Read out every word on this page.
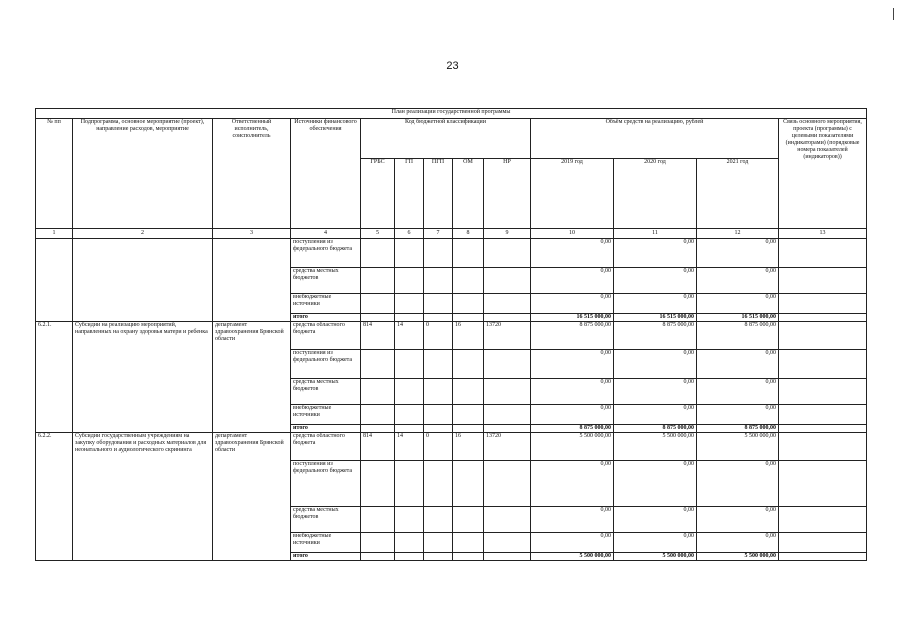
23
План реализации государственной программы												
№ пп	Подпрограмма, основное мероприятие (проект), направление расходов, мероприятие	Ответственный исполнитель, соисполнитель	Источники финансового обеспечения	Код бюджетной классификации					Объём средств на реализацию, рублей			Связь основного мероприятия, проекта (программы) с целевыми показателями (индикаторами) (порядковые номера показателей (индикаторов))
				ГРБС	ГП	ПГП	ОМ	НР	2019 год	2020 год	2021 год	
1	2	3	4	5	6	7	8	9	10	11	12	13
			поступления из федерального бюджета						0,00	0,00	0,00	
			средства местных бюджетов						0,00	0,00	0,00	
			внебюджетные источники						0,00	0,00	0,00	
			итого						16 515 000,00	16 515 000,00	16 515 000,00	
6.2.1.	Субсидии на реализацию мероприятий, направленных на охрану здоровья матери и ребенка	департамент здравоохранения Брянской области	средства областного бюджета	814	14	0	16	13720	8 875 000,00	8 875 000,00	8 875 000,00	
			поступления из федерального бюджета						0,00	0,00	0,00	
			средства местных бюджетов						0,00	0,00	0,00	
			внебюджетные источники						0,00	0,00	0,00	
			итого						8 875 000,00	8 875 000,00	8 875 000,00	
6.2.2.	Субсидии государственным учреждениям на закупку оборудования и расходных материалов для неонатального и аудиологического скрининга	департамент здравоохранения Брянской области	средства областного бюджета	814	14	0	16	13720	5 500 000,00	5 500 000,00	5 500 000,00	
			поступления из федерального бюджета						0,00	0,00	0,00	
			средства местных бюджетов						0,00	0,00	0,00	
			внебюджетные источники						0,00	0,00	0,00	
			итого						5 500 000,00	5 500 000,00	5 500 000,00	
